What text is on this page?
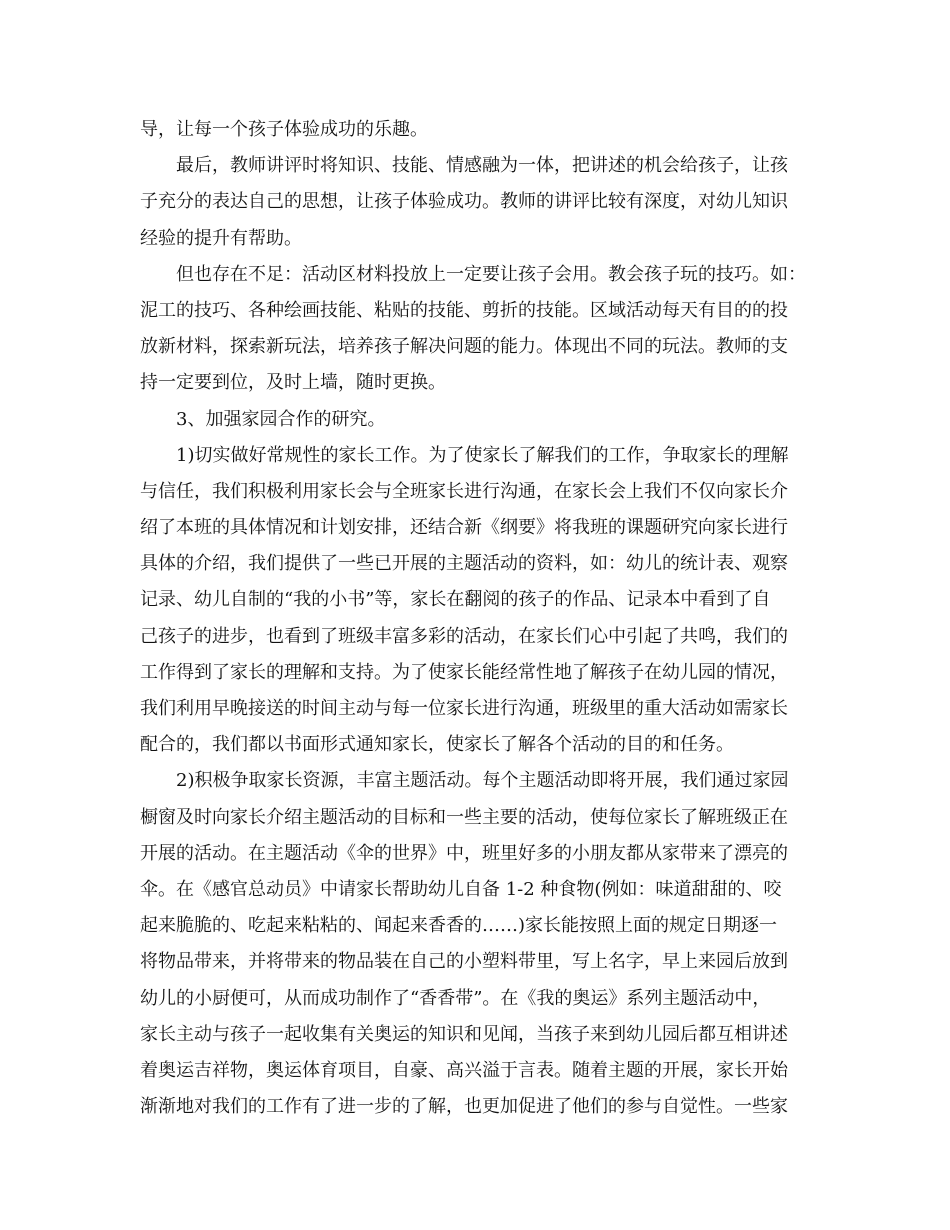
导，让每一个孩子体验成功的乐趣。
最后，教师讲评时将知识、技能、情感融为一体，把讲述的机会给孩子，让孩
子充分的表达自己的思想，让孩子体验成功。教师的讲评比较有深度，对幼儿知识
经验的提升有帮助。
但也存在不足：活动区材料投放上一定要让孩子会用。教会孩子玩的技巧。如：
泥工的技巧、各种绘画技能、粘贴的技能、剪折的技能。区域活动每天有目的的投
放新材料，探索新玩法，培养孩子解决问题的能力。体现出不同的玩法。教师的支
持一定要到位，及时上墙，随时更换。
3、加强家园合作的研究。
1)切实做好常规性的家长工作。为了使家长了解我们的工作，争取家长的理解
与信任，我们积极利用家长会与全班家长进行沟通，在家长会上我们不仅向家长介
绍了本班的具体情况和计划安排，还结合新《纲要》将我班的课题研究向家长进行
具体的介绍，我们提供了一些已开展的主题活动的资料，如：幼儿的统计表、观察
记录、幼儿自制的“我的小书”等，家长在翻阅的孩子的作品、记录本中看到了自
己孩子的进步，也看到了班级丰富多彩的活动，在家长们心中引起了共鸣，我们的
工作得到了家长的理解和支持。为了使家长能经常性地了解孩子在幼儿园的情况，
我们利用早晚接送的时间主动与每一位家长进行沟通，班级里的重大活动如需家长
配合的，我们都以书面形式通知家长，使家长了解各个活动的目的和任务。
2)积极争取家长资源，丰富主题活动。每个主题活动即将开展，我们通过家园
橱窗及时向家长介绍主题活动的目标和一些主要的活动，使每位家长了解班级正在
开展的活动。在主题活动《伞的世界》中，班里好多的小朋友都从家带来了漂亮的
伞。在《感官总动员》中请家长帮助幼儿自备 1-2 种食物(例如：味道甜甜的、咬
起来脆脆的、吃起来粘粘的、闻起来香香的……)家长能按照上面的规定日期逐一
将物品带来，并将带来的物品装在自己的小塑料带里，写上名字，早上来园后放到
幼儿的小厨便可，从而成功制作了“香香带”。在《我的奥运》系列主题活动中，
家长主动与孩子一起收集有关奥运的知识和见闻，当孩子来到幼儿园后都互相讲述
着奥运吉祥物，奥运体育项目，自豪、高兴溢于言表。随着主题的开展，家长开始
渐渐地对我们的工作有了进一步的了解，也更加促进了他们的参与自觉性。一些家
